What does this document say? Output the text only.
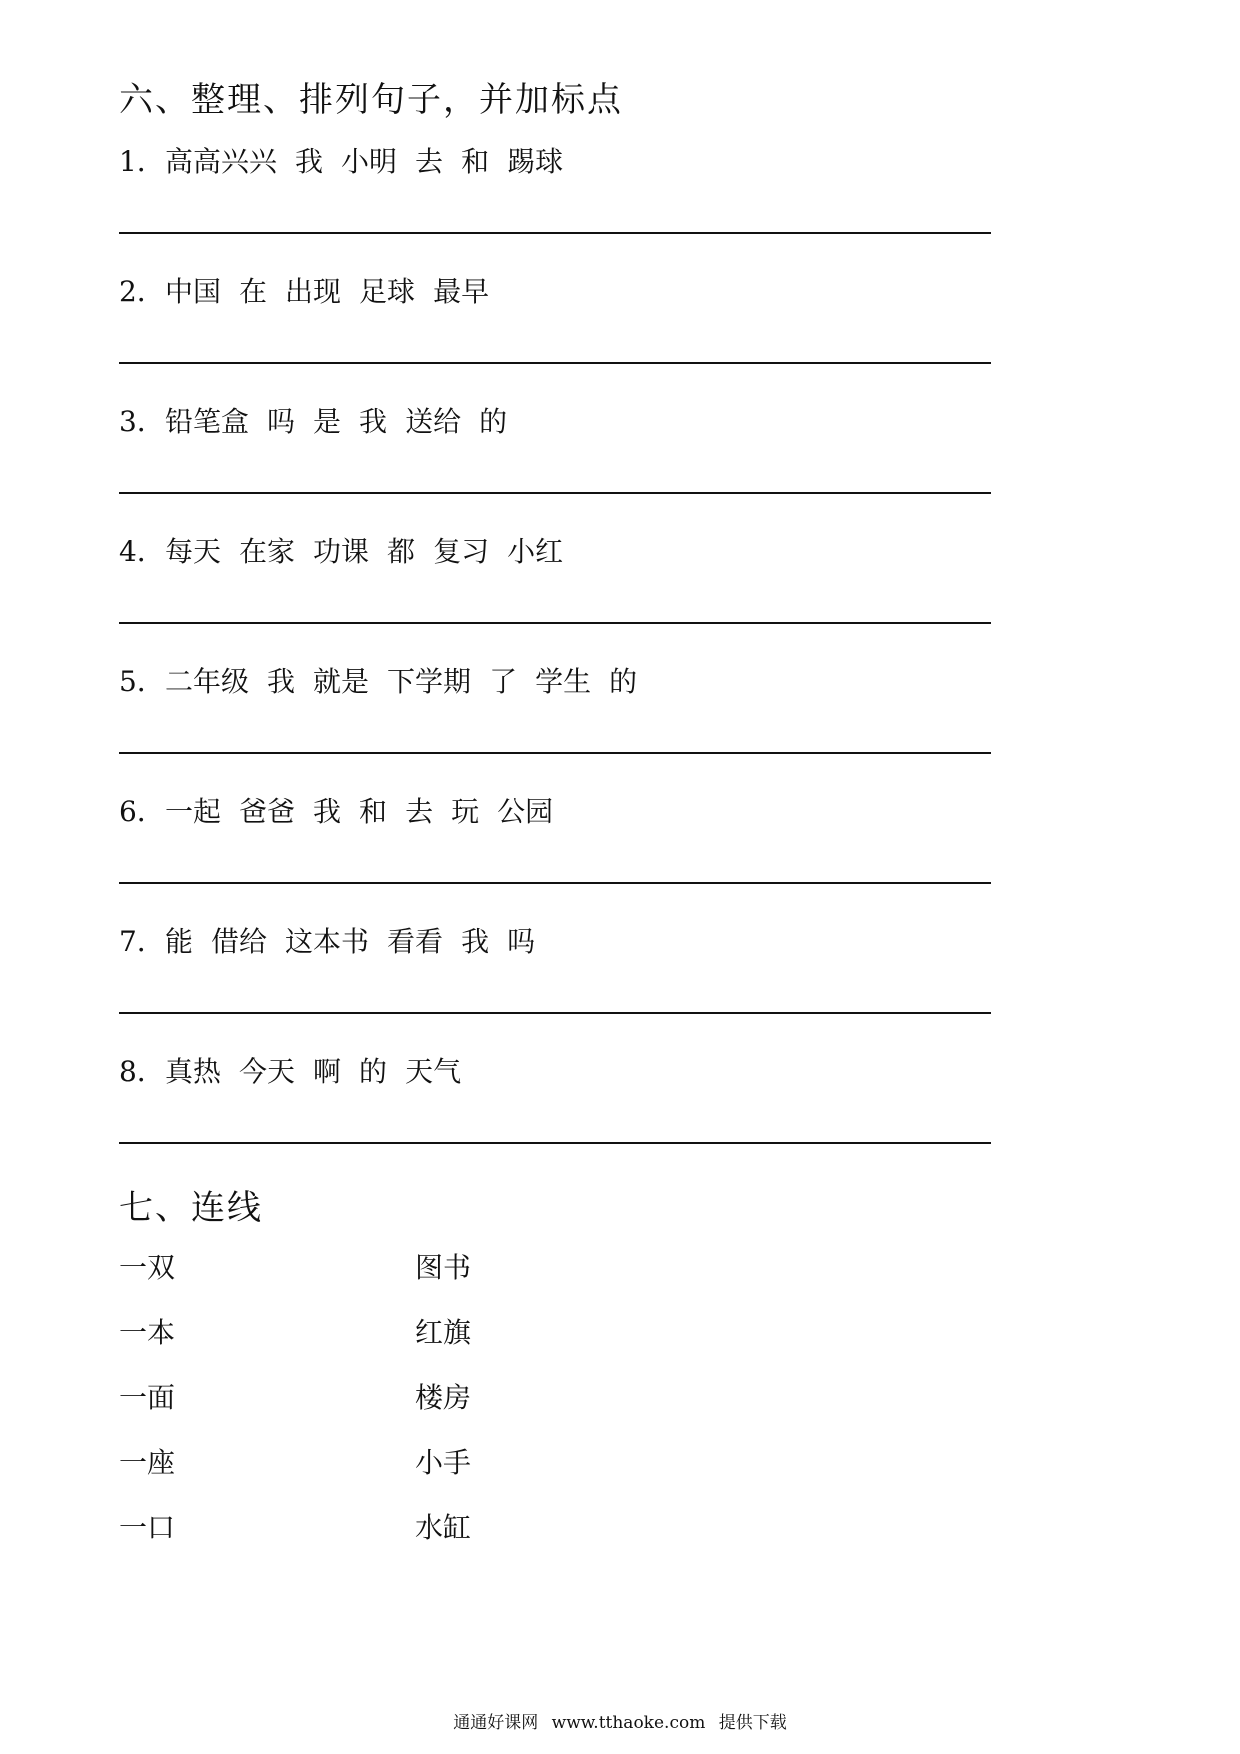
六、整理、排列句子，并加标点
1．高高兴兴 我 小明 去 和 踢球
2．中国 在 出现 足球 最早
3．铅笔盒 吗 是 我 送给 的
4．每天 在家 功课 都 复习 小红
5．二年级 我 就是 下学期 了 学生 的
6．一起 爸爸 我 和 去 玩 公园
7．能 借给 这本书 看看 我 吗
8．真热 今天 啊 的 天气
七、连线
一双	图书
一本	红旗
一面	楼房
一座	小手
一口	水缸
通通好课网 www.tthaoke.com 提供下载
